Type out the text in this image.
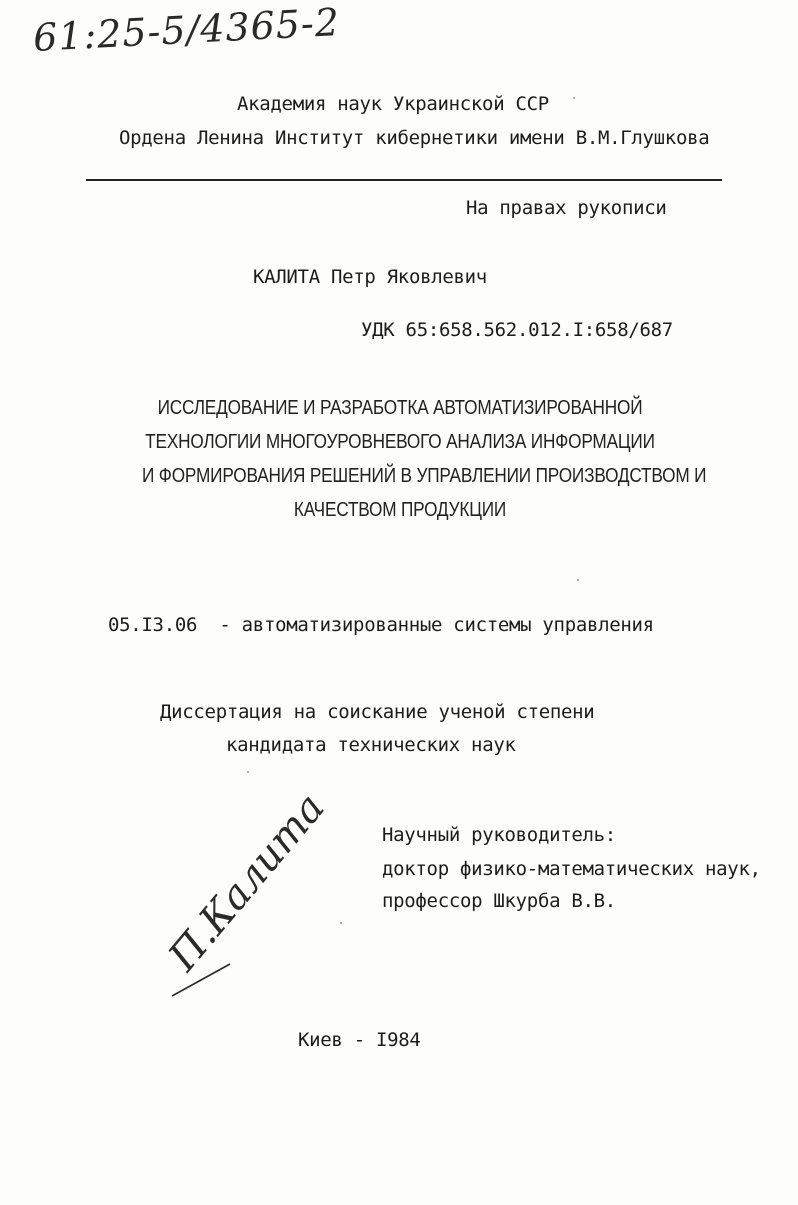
61:25-5/4365-2
Академия наук Украинской ССР
Ордена Ленина Институт кибернетики имени В.М.Глушкова
На правах рукописи
КАЛИТА Петр Яковлевич
УДК 65:658.562.012.I:658/687
ИССЛЕДОВАНИЕ И РАЗРАБОТКА АВТОМАТИЗИРОВАННОЙ
ТЕХНОЛОГИИ МНОГОУРОВНЕВОГО АНАЛИЗА ИНФОРМАЦИИ
И ФОРМИРОВАНИЯ РЕШЕНИЙ В УПРАВЛЕНИИ ПРОИЗВОДСТВОМ И
КАЧЕСТВОМ ПРОДУКЦИИ
05.I3.06  - автоматизированные системы управления
Диссертация на соискание ученой степени
кандидата технических наук
Научный руководитель:
доктор физико-математических наук,
профессор Шкурба В.В.
П.Калита
Киев - I984
